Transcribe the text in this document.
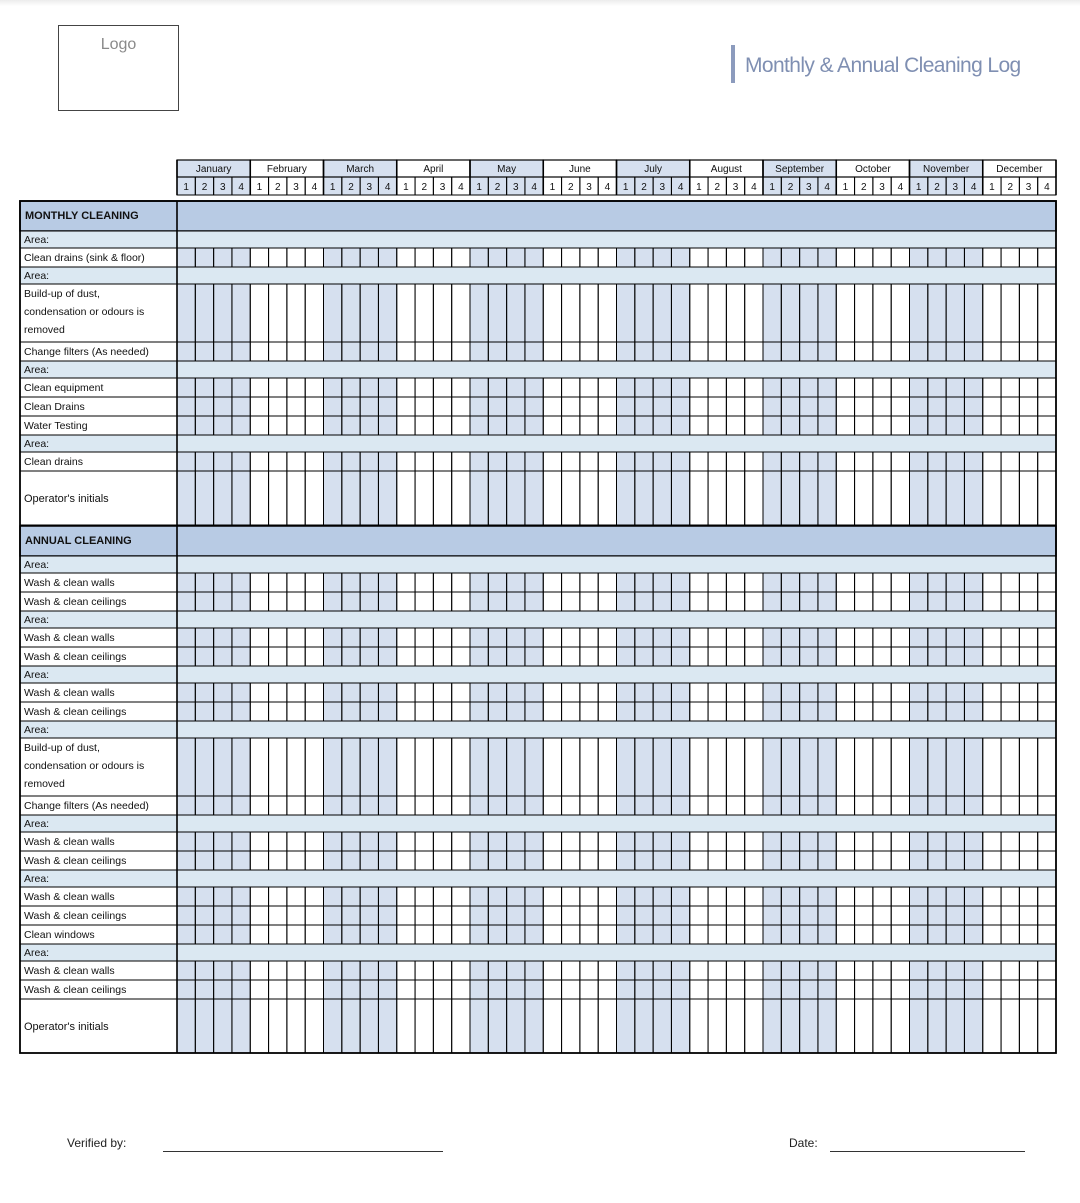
Logo
Monthly & Annual Cleaning Log
January
1 2 3 4
February
1 2 3 4
March
1 2 3 4
April
1 2 3 4
May
1 2 3 4
June
1 2 3 4
July
1 2 3 4
August
1 2 3 4
September
1 2 3 4
October
1 2 3 4
November
1 2 3 4
December
1 2 3 4
MONTHLY CLEANING
Area:
Clean drains (sink & floor)
Area:
Build-up of dust,
condensation or odours is
removed
Change filters (As needed)
Area:
Clean equipment
Clean Drains
Water Testing
Area:
Clean drains
Operator's initials
ANNUAL CLEANING
Area:
Wash & clean walls
Wash & clean ceilings
Area:
Wash & clean walls
Wash & clean ceilings
Area:
Wash & clean walls
Wash & clean ceilings
Area:
Build-up of dust,
condensation or odours is
removed
Change filters (As needed)
Area:
Wash & clean walls
Wash & clean ceilings
Area:
Wash & clean walls
Wash & clean ceilings
Clean windows
Area:
Wash & clean walls
Wash & clean ceilings
Operator's initials
Verified by:	Date:
